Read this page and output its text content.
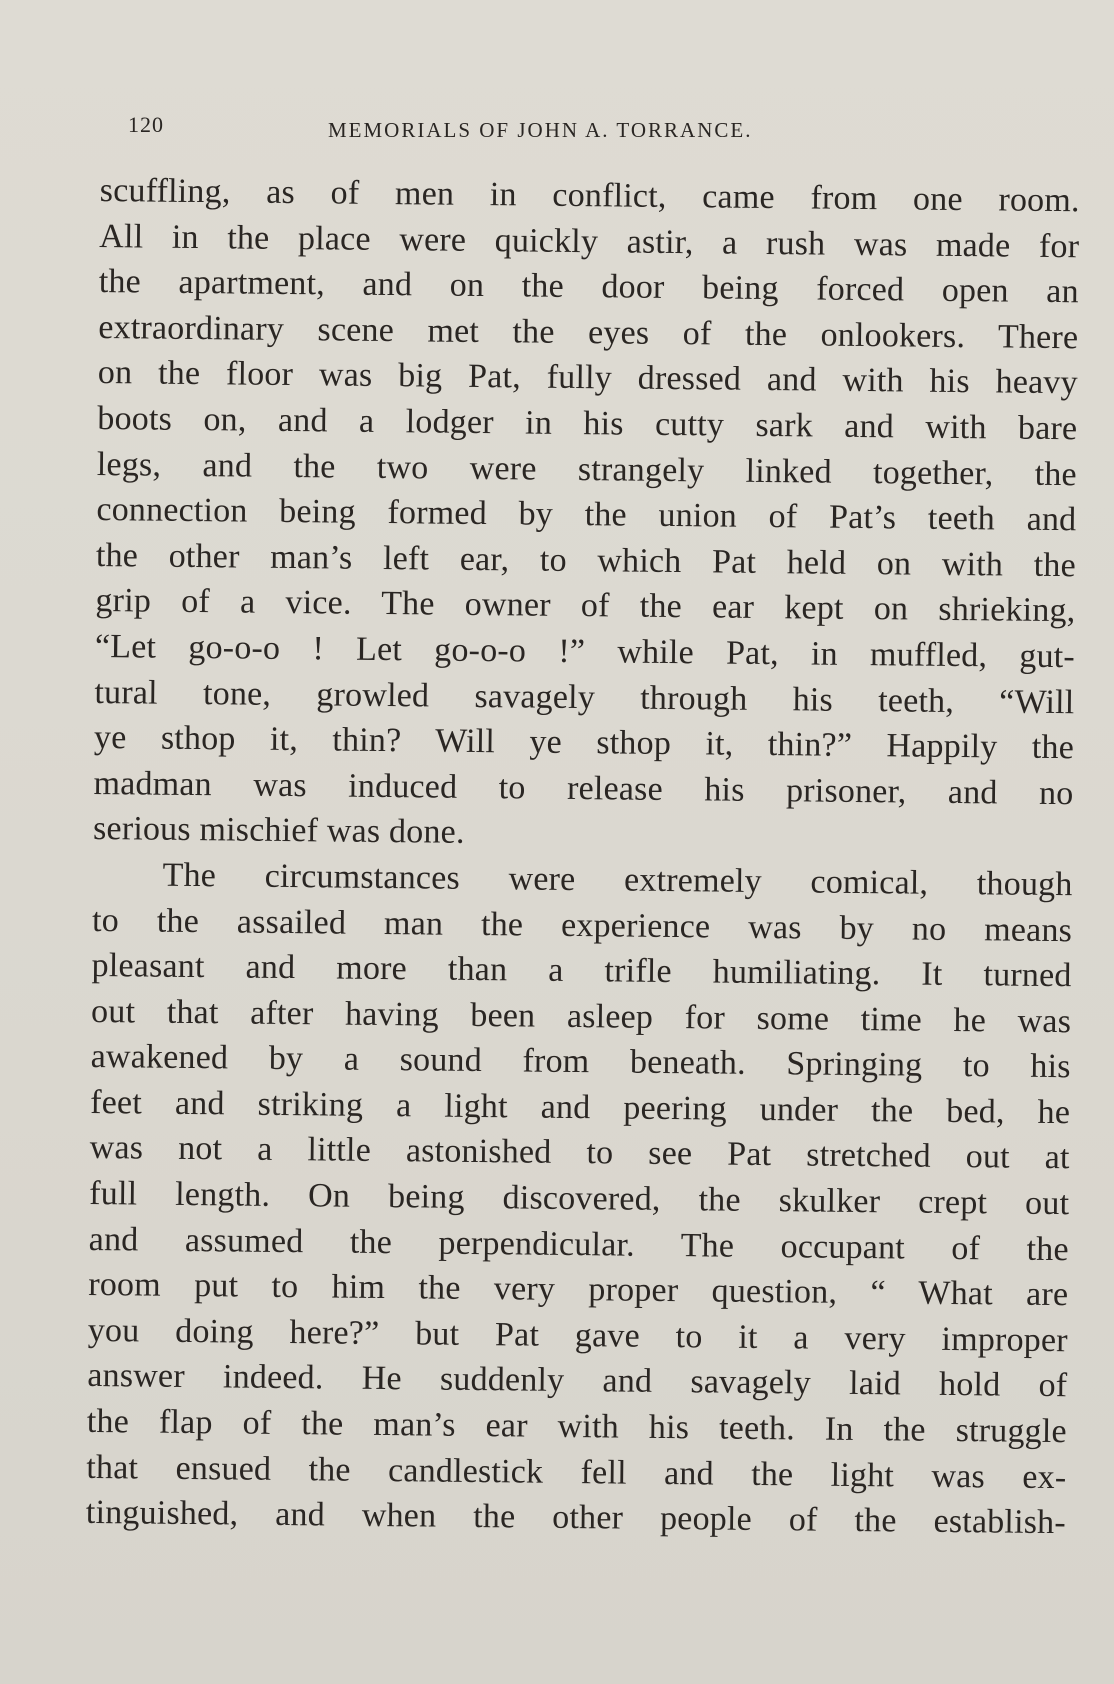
120	MEMORIALS OF JOHN A. TORRANCE.
scuffling, as of men in conflict, came from one room.
All in the place were quickly astir, a rush was made for
the apartment, and on the door being forced open an
extraordinary scene met the eyes of the onlookers. There
on the floor was big Pat, fully dressed and with his heavy
boots on, and a lodger in his cutty sark and with bare
legs, and the two were strangely linked together, the
connection being formed by the union of Pat’s teeth and
the other man’s left ear, to which Pat held on with the
grip of a vice. The owner of the ear kept on shrieking,
“Let go-o-o ! Let go-o-o !” while Pat, in muffled, gut-
tural tone, growled savagely through his teeth, “Will
ye sthop it, thin? Will ye sthop it, thin?” Happily the
madman was induced to release his prisoner, and no
serious mischief was done.
The circumstances were extremely comical, though
to the assailed man the experience was by no means
pleasant and more than a trifle humiliating. It turned
out that after having been asleep for some time he was
awakened by a sound from beneath. Springing to his
feet and striking a light and peering under the bed, he
was not a little astonished to see Pat stretched out at
full length. On being discovered, the skulker crept out
and assumed the perpendicular. The occupant of the
room put to him the very proper question, “ What are
you doing here?” but Pat gave to it a very improper
answer indeed. He suddenly and savagely laid hold of
the flap of the man’s ear with his teeth. In the struggle
that ensued the candlestick fell and the light was ex-
tinguished, and when the other people of the establish-
